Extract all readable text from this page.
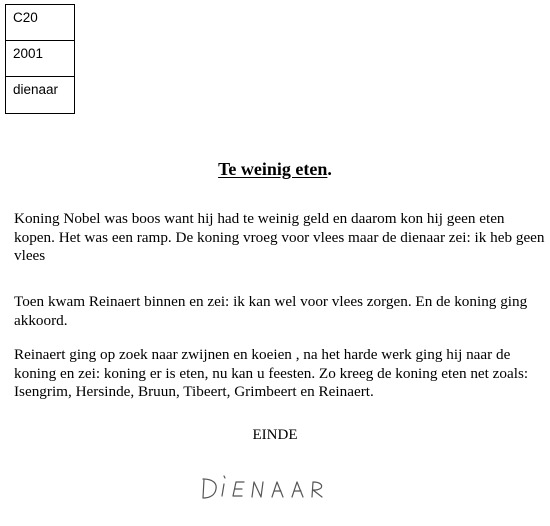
C20
2001
dienaar
Te weinig eten.

Koning Nobel was boos want hij had te weinig geld en daarom kon hij geen eten kopen. Het was een ramp. De koning vroeg voor vlees maar de dienaar zei: ik heb geen vlees

Toen kwam Reinaert binnen en zei: ik kan wel voor vlees zorgen. En de koning ging akkoord.

Reinaert ging op zoek naar zwijnen en koeien , na het harde werk ging hij naar de koning en zei: koning er is eten, nu kan u feesten. Zo kreeg de koning eten net zoals: Isengrim, Hersinde, Bruun, Tibeert, Grimbeert en Reinaert.

EINDE
